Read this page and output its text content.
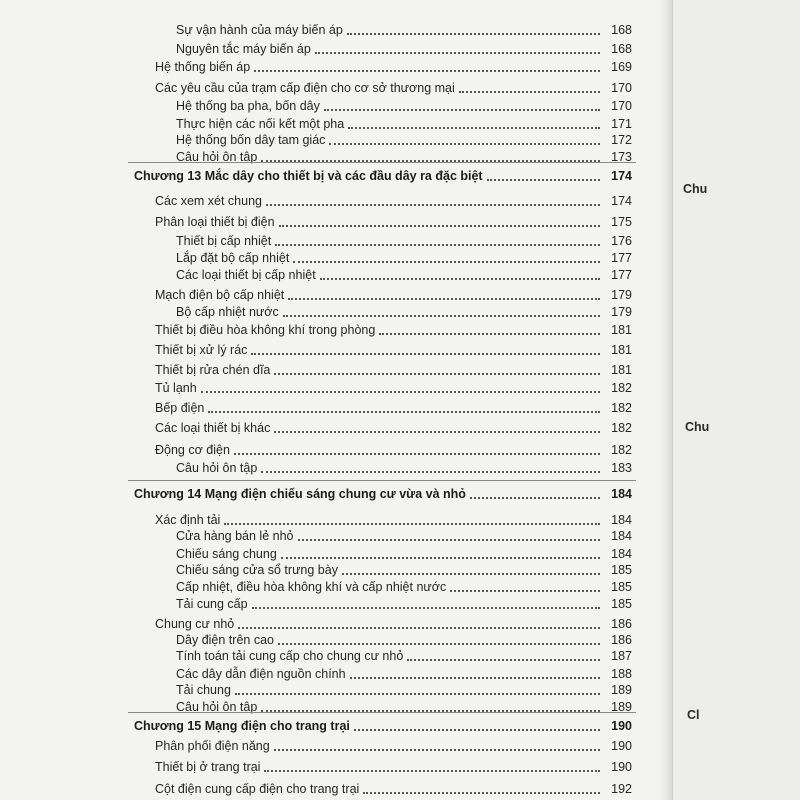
Sự vận hành của máy biến áp	168
Nguyên tắc máy biến áp	168
Hệ thống biến áp	169
Các yêu cầu của trạm cấp điện cho cơ sở thương mại	170
Hệ thống ba pha, bốn dây	170
Thực hiện các nối kết một pha	171
Hệ thống bốn dây tam giác	172
Câu hỏi ôn tập	173
Chương 13 Mắc dây cho thiết bị và các đầu dây ra đặc biệt	174
Các xem xét chung	174
Phân loại thiết bị điện	175
Thiết bị cấp nhiệt	176
Lắp đặt bộ cấp nhiệt	177
Các loại thiết bị cấp nhiệt	177
Mạch điện bộ cấp nhiệt	179
Bộ cấp nhiệt nước	179
Thiết bị điều hòa không khí trong phòng	181
Thiết bị xử lý rác	181
Thiết bị rửa chén dĩa	181
Tủ lạnh	182
Bếp điện	182
Các loại thiết bị khác	182
Động cơ điện	182
Câu hỏi ôn tập	183
Chương 14 Mạng điện chiếu sáng chung cư vừa và nhỏ	184
Xác định tải	184
Cửa hàng bán lẻ nhỏ	184
Chiếu sáng chung	184
Chiếu sáng cửa sổ trưng bày	185
Cấp nhiệt, điều hòa không khí và cấp nhiệt nước	185
Tải cung cấp	185
Chung cư nhỏ	186
Dây điện trên cao	186
Tính toán tải cung cấp cho chung cư nhỏ	187
Các dây dẫn điện nguồn chính	188
Tải chung	189
Câu hỏi ôn tập	189
Chương 15 Mạng điện cho trang trại	190
Phân phối điện năng	190
Thiết bị ở trang trại	190
Cột điện cung cấp điện cho trang trại	192
Chu
Chu
Cl
